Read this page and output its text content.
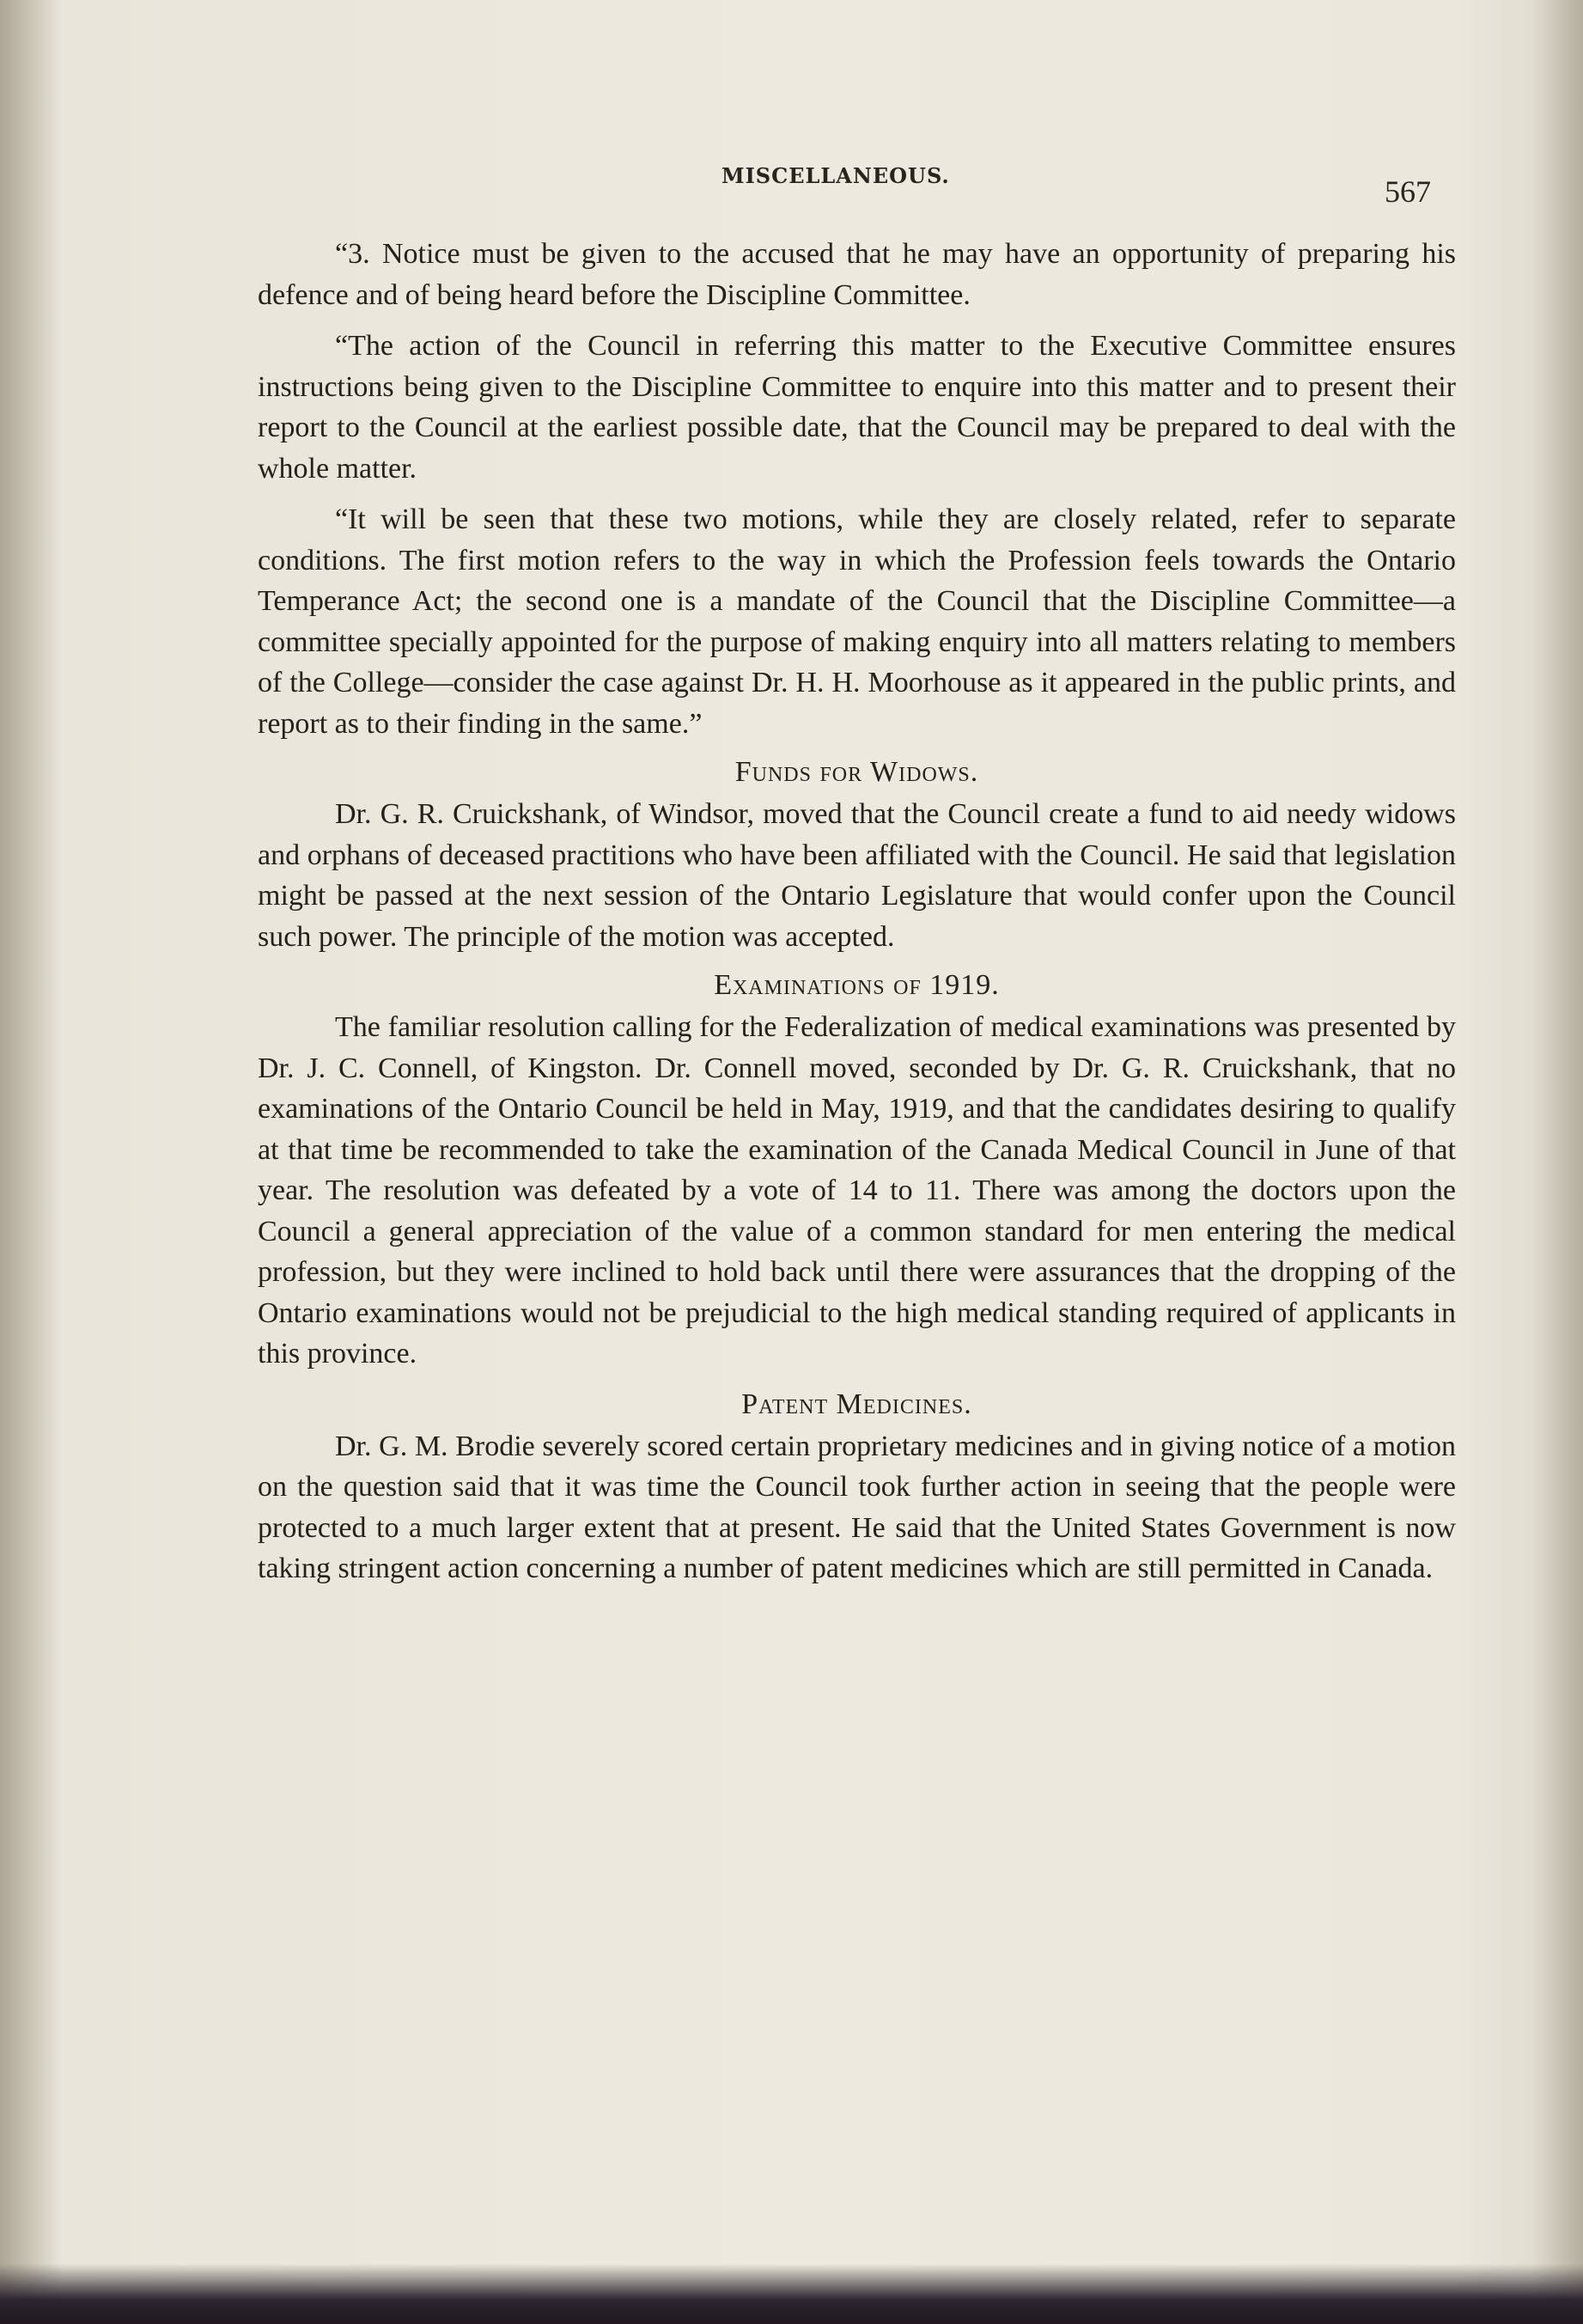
MISCELLANEOUS.	567

“3. Notice must be given to the accused that he may have an opportunity of preparing his defence and of being heard before the Discipline Committee.

“The action of the Council in referring this matter to the Executive Committee ensures instructions being given to the Discipline Committee to enquire into this matter and to present their report to the Council at the earliest possible date, that the Council may be prepared to deal with the whole matter.

“It will be seen that these two motions, while they are closely related, refer to separate conditions. The first motion refers to the way in which the Profession feels towards the Ontario Temperance Act; the second one is a mandate of the Council that the Discipline Committee—a committee specially appointed for the purpose of making enquiry into all matters relating to members of the College—consider the case against Dr. H. H. Moorhouse as it appeared in the public prints, and report as to their finding in the same.”

Funds for Widows.

Dr. G. R. Cruickshank, of Windsor, moved that the Council create a fund to aid needy widows and orphans of deceased practitions who have been affiliated with the Council. He said that legislation might be passed at the next session of the Ontario Legislature that would confer upon the Council such power. The principle of the motion was accepted.

Examinations of 1919.

The familiar resolution calling for the Federalization of medical examinations was presented by Dr. J. C. Connell, of Kingston. Dr. Connell moved, seconded by Dr. G. R. Cruickshank, that no examinations of the Ontario Council be held in May, 1919, and that the candidates desiring to qualify at that time be recommended to take the examination of the Canada Medical Council in June of that year. The resolution was defeated by a vote of 14 to 11. There was among the doctors upon the Council a general appreciation of the value of a common standard for men entering the medical profession, but they were inclined to hold back until there were assurances that the dropping of the Ontario examinations would not be prejudicial to the high medical standing required of applicants in this province.

Patent Medicines.

Dr. G. M. Brodie severely scored certain proprietary medicines and in giving notice of a motion on the question said that it was time the Council took further action in seeing that the people were protected to a much larger extent that at present. He said that the United States Government is now taking stringent action concerning a number of patent medicines which are still permitted in Canada.
